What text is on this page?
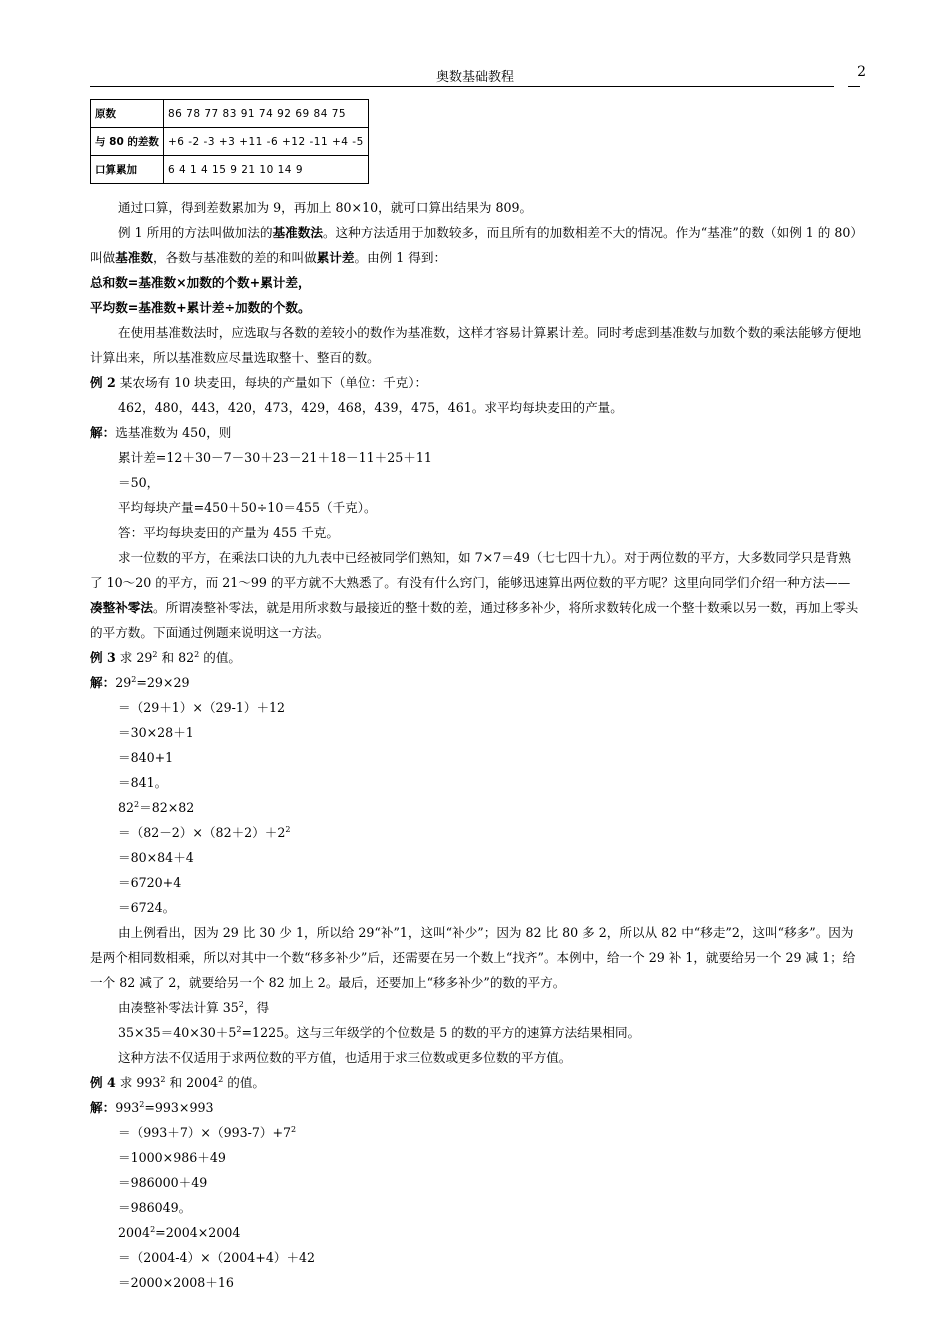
奥数基础教程	2
原数	86 78 77 83 91 74 92 69 84 75
与 80 的差数	+6 -2 -3 +3 +11 -6 +12 -11 +4 -5
口算累加	6 4 1 4 15 9 21 10 14 9

通过口算，得到差数累加为 9，再加上 80×10，就可口算出结果为 809。

例 1 所用的方法叫做加法的基准数法。这种方法适用于加数较多，而且所有的加数相差不大的情况。作为“基准”的数（如例 1 的 80）叫做基准数，各数与基准数的差的和叫做累计差。由例 1 得到：

总和数=基准数×加数的个数+累计差，

平均数=基准数+累计差÷加数的个数。

在使用基准数法时，应选取与各数的差较小的数作为基准数，这样才容易计算累计差。同时考虑到基准数与加数个数的乘法能够方便地计算出来，所以基准数应尽量选取整十、整百的数。

例 2 某农场有 10 块麦田，每块的产量如下（单位：千克）：

462，480，443，420，473，429，468，439，475，461。求平均每块麦田的产量。

解：选基准数为 450，则

累计差=12＋30－7－30＋23－21＋18－11＋25＋11

＝50，

平均每块产量=450＋50÷10＝455（千克）。

答：平均每块麦田的产量为 455 千克。

求一位数的平方，在乘法口诀的九九表中已经被同学们熟知，如 7×7＝49（七七四十九）。对于两位数的平方，大多数同学只是背熟了 10～20 的平方，而 21～99 的平方就不大熟悉了。有没有什么窍门，能够迅速算出两位数的平方呢？这里向同学们介绍一种方法——凑整补零法。所谓凑整补零法，就是用所求数与最接近的整十数的差，通过移多补少，将所求数转化成一个整十数乘以另一数，再加上零头的平方数。下面通过例题来说明这一方法。

例 3 求 $29^2$ 和 $82^2$ 的值。

解：$29^2=29\times 29$

＝（29＋1）×（29-1）＋12

＝30×28＋1

＝840+1

＝841。

$82^2=82\times 82$

$=(82-2)\times(82+2)+2^2$

＝80×84＋4

＝6720+4

＝6724。

由上例看出，因为 29 比 30 少 1，所以给 29“补”1，这叫“补少”；因为 82 比 80 多 2，所以从 82 中“移走”2，这叫“移多”。因为是两个相同数相乘，所以对其中一个数“移多补少”后，还需要在另一个数上“找齐”。本例中，给一个 29 补 1，就要给另一个 29 减 1；给一个 82 减了 2，就要给另一个 82 加上 2。最后，还要加上“移多补少”的数的平方。

由凑整补零法计算 $35^2$，得

$35\times 35=40\times 30+5^2=1225$。这与三年级学的个位数是 5 的数的平方的速算方法结果相同。

这种方法不仅适用于求两位数的平方值，也适用于求三位数或更多位数的平方值。

例 4 求 $993^2$ 和 2004$^2$ 的值。

解：$993^2=993\times 993$

$=(993+7)\times(993-7)+7^2$

＝1000×986＋49

＝986000＋49

＝986049。

$2004^2=2004\times 2004$

＝（2004-4）×（2004+4）＋42

＝2000×2008＋16
